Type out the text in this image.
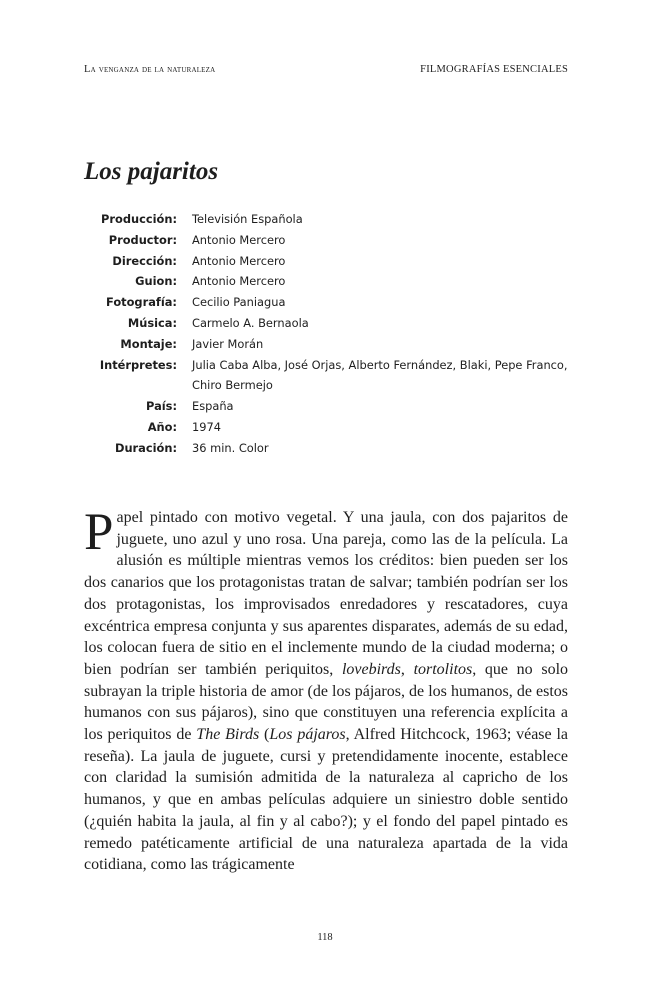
La venganza de la naturaleza	FILMOGRAFÍAS ESENCIALES
Los pajaritos
Producción: Televisión Española
Productor: Antonio Mercero
Dirección: Antonio Mercero
Guion: Antonio Mercero
Fotografía: Cecilio Paniagua
Música: Carmelo A. Bernaola
Montaje: Javier Morán
Intérpretes: Julia Caba Alba, José Orjas, Alberto Fernández, Blaki, Pepe Franco, Chiro Bermejo
País: España
Año: 1974
Duración: 36 min. Color

Papel pintado con motivo vegetal. Y una jaula, con dos pajaritos de juguete, uno azul y uno rosa. Una pareja, como las de la película. La alusión es múltiple mientras vemos los créditos: bien pueden ser los dos canarios que los protagonistas tratan de salvar; también podrían ser los dos protagonistas, los improvisados enredadores y rescatadores, cuya excéntrica empresa conjunta y sus aparentes disparates, además de su edad, los colocan fuera de sitio en el inclemente mundo de la ciudad moderna; o bien podrían ser también periquitos, lovebirds, tortolitos, que no solo subrayan la triple historia de amor (de los pájaros, de los humanos, de estos humanos con sus pájaros), sino que constituyen una referencia explícita a los periquitos de The Birds (Los pájaros, Alfred Hitchcock, 1963; véase la reseña). La jaula de juguete, cursi y pretendidamente inocente, establece con claridad la sumisión admitida de la naturaleza al capricho de los humanos, y que en ambas películas adquiere un siniestro doble sentido (¿quién habita la jaula, al fin y al cabo?); y el fondo del papel pintado es remedo patéticamente artificial de una naturaleza apartada de la vida cotidiana, como las trágicamente

118
